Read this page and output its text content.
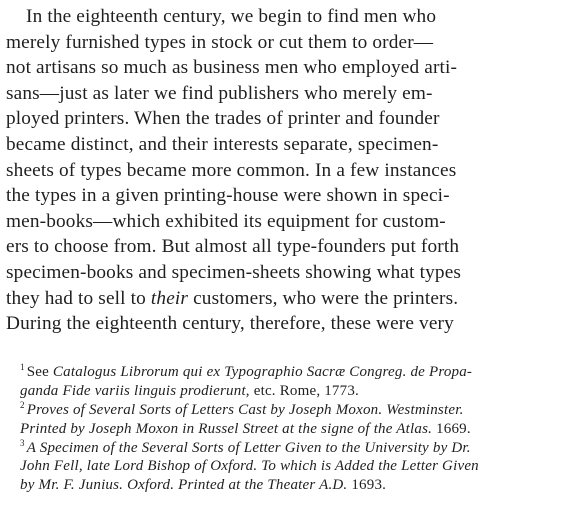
In the eighteenth century, we begin to find men who
merely furnished types in stock or cut them to order—
not artisans so much as business men who employed arti-
sans—just as later we find publishers who merely em-
ployed printers. When the trades of printer and founder
became distinct, and their interests separate, specimen-
sheets of types became more common. In a few instances
the types in a given printing-house were shown in speci-
men-books—which exhibited its equipment for custom-
ers to choose from. But almost all type-founders put forth
specimen-books and specimen-sheets showing what types
they had to sell to their customers, who were the printers.
During the eighteenth century, therefore, these were very
$^1$ See Catalogus Librorum qui ex Typographio Sacræ Congreg. de Propa-
ganda Fide variis linguis prodierunt, etc. Rome, 1773.
$^2$ Proves of Several Sorts of Letters Cast by Joseph Moxon. Westminster.
Printed by Joseph Moxon in Russel Street at the signe of the Atlas. 1669.
$^3$ A Specimen of the Several Sorts of Letter Given to the University by Dr.
John Fell, late Lord Bishop of Oxford. To which is Added the Letter Given
by Mr. F. Junius. Oxford. Printed at the Theater A.D. 1693.
